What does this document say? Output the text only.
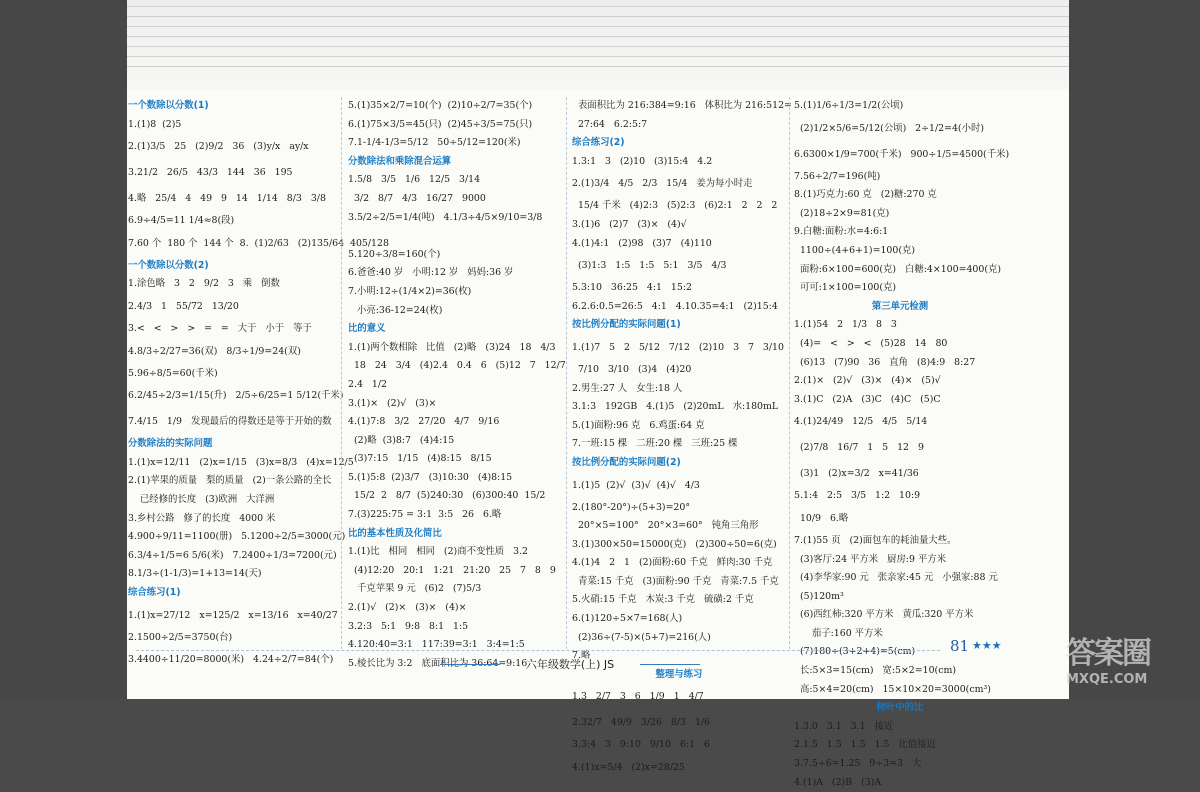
一个数除以分数(1)
1.(1)8  (2)5
2.(1)3/5   25   (2)9/2   36   (3)y/x   ay/x
3.21/2   26/5   43/3   144   36   195
4.略   25/4   4   49   9   14   1/14   8/3   3/8
6.9÷4/5=11 1/4≈8(段)
7.60 个  180 个  144 个  8.  (1)2/63   (2)135/64  405/128
一个数除以分数(2)
1.涂色略   3   2   9/2   3   乘   倒数
2.4/3   1   55/72   13/20
3.<   <   >   >   =   =   大于   小于   等于
4.8/3÷2/27=36(双)   8/3÷1/9=24(双)
5.96÷8/5=60(千米)
6.2/45÷2/3=1/15(升)   2/5÷6/25=1 5/12(千米)
7.4/15   1/9   发现最后的得数还是等于开始的数
分数除法的实际问题
1.(1)x=12/11   (2)x=1/15   (3)x=8/3   (4)x=12/5
2.(1)苹果的质量   梨的质量   (2)一条公路的全长
已经修的长度   (3)欧洲   大洋洲
3.乡村公路   修了的长度   4000 米
4.900÷9/11=1100(册)   5.1200÷2/5=3000(元)
6.3/4÷1/5=6 5/6(米)   7.2400÷1/3=7200(元)
8.1/3÷(1-1/3)=1+13=14(天)
综合练习(1)
1.(1)x=27/12   x=125/2   x=13/16   x=40/27
2.1500÷2/5=3750(台)
3.4400÷11/20=8000(米)   4.24÷2/7=84(个)
5.(1)35×2/7=10(个)  (2)10÷2/7=35(个)
6.(1)75×3/5=45(只)  (2)45÷3/5=75(只)
7.1-1/4-1/3=5/12   50÷5/12=120(米)
分数除法和乘除混合运算
1.5/8   3/5   1/6   12/5   3/14
3/2   8/7   4/3   16/27   9000
3.5/2÷2/5=1/4(吨)   4.1/3÷4/5×9/10=3/8
5.120÷3/8=160(个)
6.爸爸:40 岁   小明:12 岁   妈妈:36 岁
7.小明:12÷(1/4×2)=36(枚)
小亮:36-12=24(枚)
比的意义
1.(1)两个数相除   比值   (2)略   (3)24   18   4/3
18   24   3/4   (4)2.4   0.4   6   (5)12   7   12/7
2.4   1/2
3.(1)×   (2)√   (3)×
4.(1)7:8   3/2   27/20   4/7   9/16
(2)略  (3)8:7   (4)4:15
(3)7:15   1/15   (4)8:15   8/15
5.(1)5:8  (2)3/7   (3)10:30   (4)8:15
15/2  2   8/7  (5)240:30   (6)300:40  15/2
7.(3)225:75 = 3:1  3:5   26   6.略
比的基本性质及化简比
1.(1)比   相同   相同   (2)商不变性质   3.2
(4)12:20   20:1   1:21   21:20   25   7   8   9
千克苹果 9 元   (6)2   (7)5/3
2.(1)√   (2)×   (3)×   (4)×
3.2:3   5:1   9:8   8:1   1:5
4.120:40=3:1   117:39=3:1   3:4=1:5
5.棱长比为 3:2   底面积比为 36:64=9:16
表面积比为 216:384=9:16   体积比为 216:512=
27:64   6.2:5:7
综合练习(2)
1.3:1   3   (2)10   (3)15:4   4.2
2.(1)3/4   4/5   2/3   15/4   姜为每小时走
15/4 千米   (4)2:3   (5)2:3   (6)2:1   2   2   2
3.(1)6   (2)7   (3)×   (4)√
4.(1)4:1   (2)98   (3)7   (4)110
(3)1:3   1:5   1:5   5:1   3/5   4/3
5.3:10   36:25   4:1   15:2
6.2.6:0.5=26:5   4:1   4.10.35=4:1   (2)15:4
按比例分配的实际问题(1)
1.(1)7   5   2   5/12   7/12   (2)10   3   7   3/10
7/10   3/10   (3)4   (4)20
2.男生:27 人   女生:18 人
3.1:3   192GB   4.(1)5   (2)20mL   水:180mL
5.(1)面粉:96 克   6.鸡蛋:64 克
7.一班:15 棵   二班:20 棵   三班:25 棵
按比例分配的实际问题(2)
1.(1)5  (2)√  (3)√  (4)√   4/3
2.(180°-20°)÷(5+3)=20°
20°×5=100°   20°×3=60°   钝角三角形
3.(1)300×50=15000(克)   (2)300÷50=6(克)
4.(1)4   2   1   (2)面粉:60 千克   鲜肉:30 千克
青菜:15 千克   (3)面粉:90 千克   青菜:7.5 千克
5.火硝:15 千克   木炭:3 千克   硫磺:2 千克
6.(1)120÷5×7=168(人)
(2)36÷(7-5)×(5+7)=216(人)
7.略
整理与练习
1.3   2/7   3   6   1/9   1   4/7
2.32/7   49/9   3/26   8/3   1/6
3.3:4   3   9:10   9/10   6:1   6
4.(1)x=5/4   (2)x=28/25
5.(1)1/6÷1/3=1/2(公顷)
(2)1/2×5/6=5/12(公顷)   2÷1/2=4(小时)
6.6300×1/9=700(千米)   900÷1/5=4500(千米)
7.56÷2/7=196(吨)
8.(1)巧克力:60 克   (2)糖:270 克
(2)18÷2×9=81(克)
9.白糖:面粉:水=4:6:1
1100÷(4+6+1)=100(克)
面粉:6×100=600(克)   白糖:4×100=400(克)
可可:1×100=100(克)
第三单元检测
1.(1)54   2   1/3   8   3
(4)=   <   >   <   (5)28   14   80
(6)13   (7)90   36   直角   (8)4:9   8:27
2.(1)×   (2)√   (3)×   (4)×   (5)√
3.(1)C   (2)A   (3)C   (4)C   (5)C
4.(1)24/49   12/5   4/5   5/14
(2)7/8   16/7   1   5   12   9
(3)1   (2)x=3/2   x=41/36
5.1:4   2:5   3/5   1:2   10:9
10/9   6.略
7.(1)55 页   (2)面包车的耗油量大些。
(3)客厅:24 平方米   厨房:9 平方米
(4)李华家:90 元   张亲家:45 元   小强家:88 元
(5)120m³
(6)西红柿:320 平方米   黄瓜:320 平方米
茄子:160 平方米
(7)180÷(3+2+4)=5(cm)
长:5×3=15(cm)   宽:5×2=10(cm)
高:5×4=20(cm)   15×10×20=3000(cm³)
树叶中的比
1.3.0   3.1   3.1   接近
2.1.5   1.5   1.5   1.5   比值接近
3.7.5÷6=1.25   9÷3=3   大
4.(1)A   (2)B   (3)A
六年级数学(上) JS
81 ★★★ 答案圈
MXQE.COM
